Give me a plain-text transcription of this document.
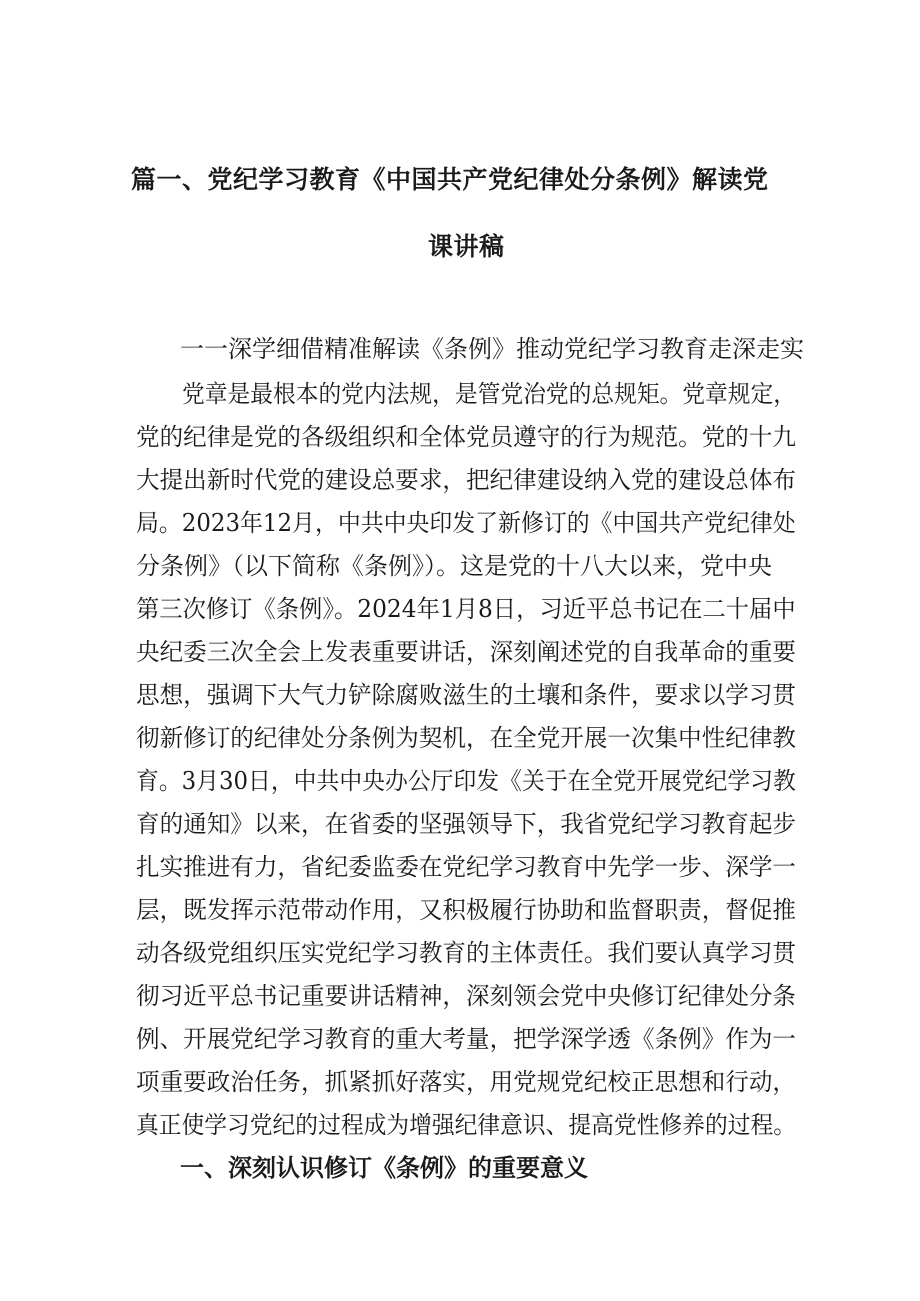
篇一、党纪学习教育《中国共产党纪律处分条例》解读党
课讲稿
一一深学细借精准解读《条例》推动党纪学习教育走深走实
党章是最根本的党内法规，是管党治党的总规矩。党章规定，
党的纪律是党的各级组织和全体党员遵守的行为规范。党的十九
大提出新时代党的建设总要求，把纪律建设纳入党的建设总体布
局。2023年12月，中共中央印发了新修订的《中国共产党纪律处
分条例》（以下简称《条例》）。这是党的十八大以来，党中央
第三次修订《条例》。2024年1月8日，习近平总书记在二十届中
央纪委三次全会上发表重要讲话，深刻阐述党的自我革命的重要
思想，强调下大气力铲除腐败滋生的土壤和条件，要求以学习贯
彻新修订的纪律处分条例为契机，在全党开展一次集中性纪律教
育。3月30日，中共中央办公厅印发《关于在全党开展党纪学习教
育的通知》以来，在省委的坚强领导下，我省党纪学习教育起步
扎实推进有力，省纪委监委在党纪学习教育中先学一步、深学一
层，既发挥示范带动作用，又积极履行协助和监督职责，督促推
动各级党组织压实党纪学习教育的主体责任。我们要认真学习贯
彻习近平总书记重要讲话精神，深刻领会党中央修订纪律处分条
例、开展党纪学习教育的重大考量，把学深学透《条例》作为一
项重要政治任务，抓紧抓好落实，用党规党纪校正思想和行动，
真正使学习党纪的过程成为增强纪律意识、提高党性修养的过程。
一、深刻认识修订《条例》的重要意义
